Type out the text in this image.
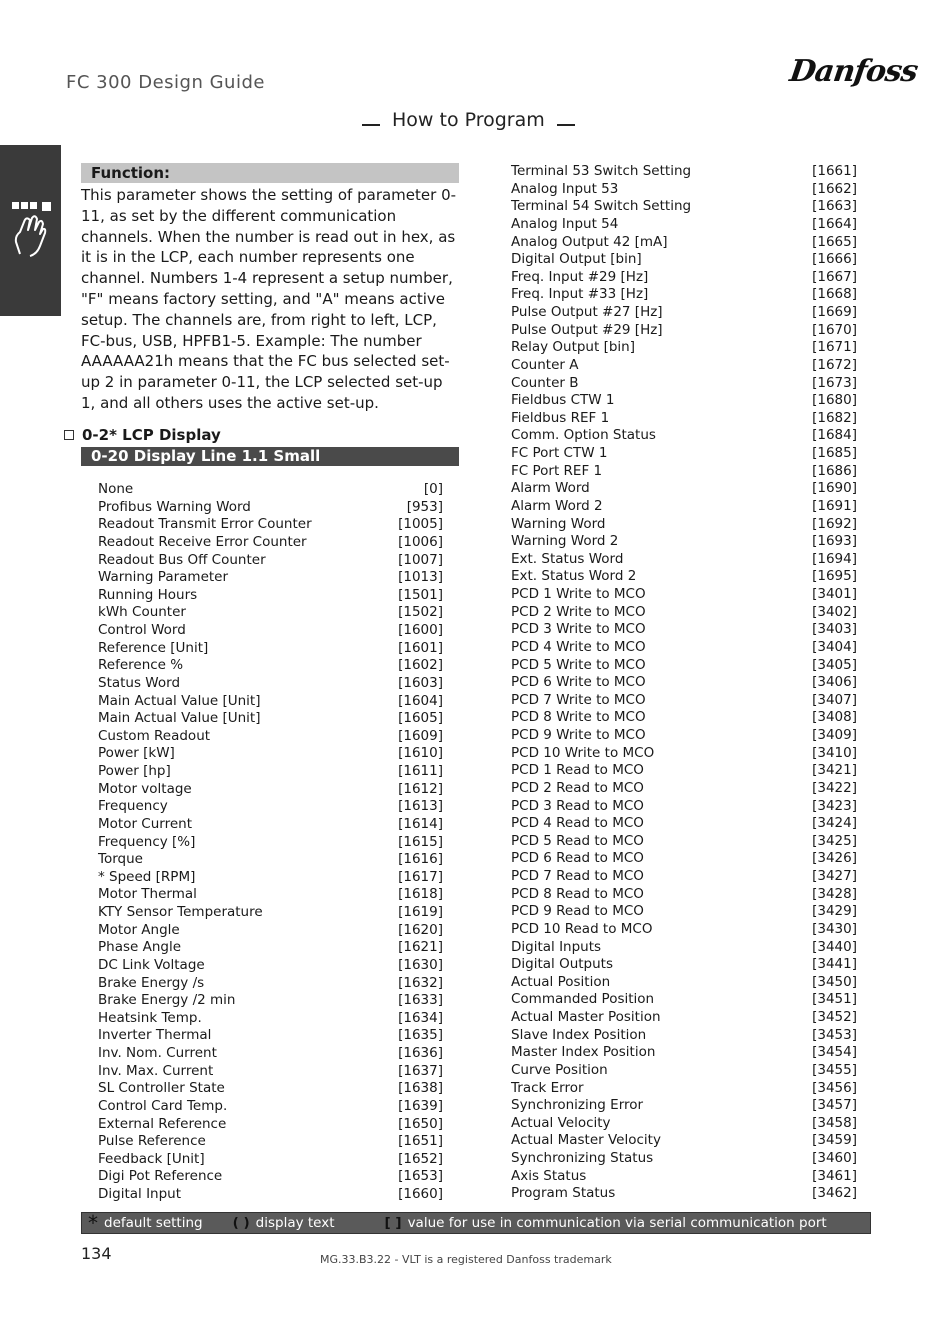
FC 300 Design Guide	Danfoss
How to Program
Function:

This parameter shows the setting of parameter 0-11, as set by the different communication channels. When the number is read out in hex, as it is in the LCP, each number represents one channel. Numbers 1-4 represent a setup number, "F" means factory setting, and "A" means active setup. The channels are, from right to left, LCP, FC-bus, USB, HPFB1-5. Example: The number AAAAAA21h means that the FC bus selected set-up 2 in parameter 0-11, the LCP selected set-up 1, and all others uses the active set-up.

0-2* LCP Display
0-20 Display Line 1.1 Small
None	[0]
Profibus Warning Word	[953]
Readout Transmit Error Counter	[1005]
Readout Receive Error Counter	[1006]
Readout Bus Off Counter	[1007]
Warning Parameter	[1013]
Running Hours	[1501]
kWh Counter	[1502]
Control Word	[1600]
Reference [Unit]	[1601]
Reference %	[1602]
Status Word	[1603]
Main Actual Value [Unit]	[1604]
Main Actual Value [Unit]	[1605]
Custom Readout	[1609]
Power [kW]	[1610]
Power [hp]	[1611]
Motor voltage	[1612]
Frequency	[1613]
Motor Current	[1614]
Frequency [%]	[1615]
Torque	[1616]
* Speed [RPM]	[1617]
Motor Thermal	[1618]
KTY Sensor Temperature	[1619]
Motor Angle	[1620]
Phase Angle	[1621]
DC Link Voltage	[1630]
Brake Energy /s	[1632]
Brake Energy /2 min	[1633]
Heatsink Temp.	[1634]
Inverter Thermal	[1635]
Inv. Nom. Current	[1636]
Inv. Max. Current	[1637]
SL Controller State	[1638]
Control Card Temp.	[1639]
External Reference	[1650]
Pulse Reference	[1651]
Feedback [Unit]	[1652]
Digi Pot Reference	[1653]
Digital Input	[1660]
Terminal 53 Switch Setting	[1661]
Analog Input 53	[1662]
Terminal 54 Switch Setting	[1663]
Analog Input 54	[1664]
Analog Output 42 [mA]	[1665]
Digital Output [bin]	[1666]
Freq. Input #29 [Hz]	[1667]
Freq. Input #33 [Hz]	[1668]
Pulse Output #27 [Hz]	[1669]
Pulse Output #29 [Hz]	[1670]
Relay Output [bin]	[1671]
Counter A	[1672]
Counter B	[1673]
Fieldbus CTW 1	[1680]
Fieldbus REF 1	[1682]
Comm. Option Status	[1684]
FC Port CTW 1	[1685]
FC Port REF 1	[1686]
Alarm Word	[1690]
Alarm Word 2	[1691]
Warning Word	[1692]
Warning Word 2	[1693]
Ext. Status Word	[1694]
Ext. Status Word 2	[1695]
PCD 1 Write to MCO	[3401]
PCD 2 Write to MCO	[3402]
PCD 3 Write to MCO	[3403]
PCD 4 Write to MCO	[3404]
PCD 5 Write to MCO	[3405]
PCD 6 Write to MCO	[3406]
PCD 7 Write to MCO	[3407]
PCD 8 Write to MCO	[3408]
PCD 9 Write to MCO	[3409]
PCD 10 Write to MCO	[3410]
PCD 1 Read to MCO	[3421]
PCD 2 Read to MCO	[3422]
PCD 3 Read to MCO	[3423]
PCD 4 Read to MCO	[3424]
PCD 5 Read to MCO	[3425]
PCD 6 Read to MCO	[3426]
PCD 7 Read to MCO	[3427]
PCD 8 Read to MCO	[3428]
PCD 9 Read to MCO	[3429]
PCD 10 Read to MCO	[3430]
Digital Inputs	[3440]
Digital Outputs	[3441]
Actual Position	[3450]
Commanded Position	[3451]
Actual Master Position	[3452]
Slave Index Position	[3453]
Master Index Position	[3454]
Curve Position	[3455]
Track Error	[3456]
Synchronizing Error	[3457]
Actual Velocity	[3458]
Actual Master Velocity	[3459]
Synchronizing Status	[3460]
Axis Status	[3461]
Program Status	[3462]
* default setting ( ) display text	[ ] value for use in communication via serial communication port
134	MG.33.B3.22 - VLT is a registered Danfoss trademark
